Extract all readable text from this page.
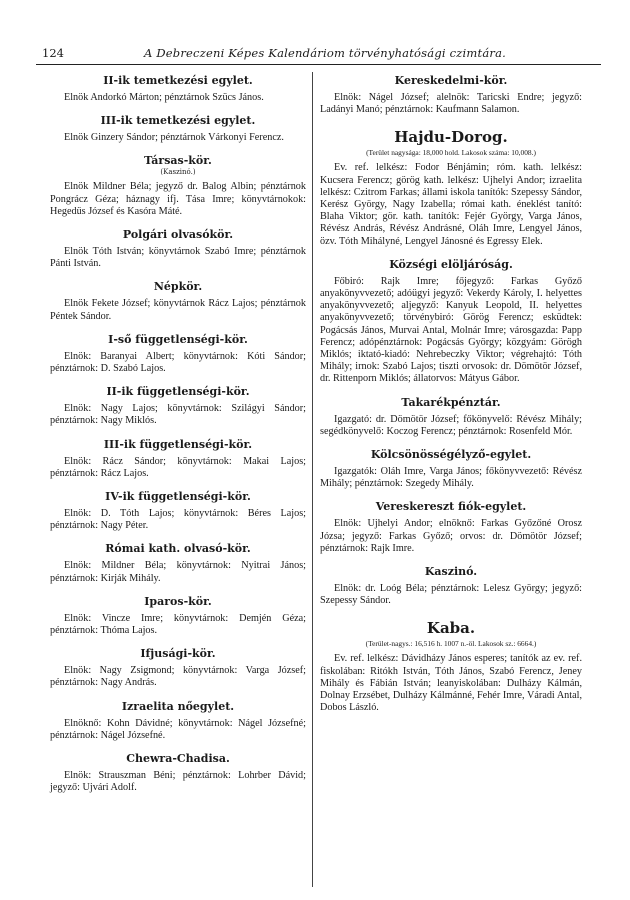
124	A Debreczeni Képes Kalendáriom törvényhatósági czimtára.

II-ik temetkezési egylet.

Elnök Andorkó Márton; pénztárnok Szücs János.

III-ik temetkezési egylet.

Elnök Ginzery Sándor; pénztárnok Várkonyi Ferencz.

Társas-kör.

(Kaszinó.)

Elnök Mildner Béla; jegyző dr. Balog Albin; pénztárnok Pongrácz Géza; háznagy ifj. Tása Imre; könyvtárnokok: Hegedüs József és Kasóra Máté.

Polgári olvasókör.

Elnök Tóth István; könyvtárnok Szabó Imre; pénztárnok Pánti István.

Népkör.

Elnök Fekete József; könyvtárnok Rácz Lajos; pénztárnok Péntek Sándor.

I-ső függetlenségi-kör.

Elnök: Baranyai Albert; könyvtárnok: Kóti Sándor; pénztárnok: D. Szabó Lajos.

II-ik függetlenségi-kör.

Elnök: Nagy Lajos; könyvtárnok: Szilágyi Sándor; pénztárnok: Nagy Miklós.

III-ik függetlenségi-kör.

Elnök: Rácz Sándor; könyvtárnok: Makai Lajos; pénztárnok: Rácz Lajos.

IV-ik függetlenségi-kör.

Elnök: D. Tóth Lajos; könyvtárnok: Béres Lajos; pénztárnok: Nagy Péter.

Római kath. olvasó-kör.

Elnök: Mildner Béla; könyvtárnok: Nyitrai János; pénztárnok: Kirják Mihály.

Iparos-kör.

Elnök: Vincze Imre; könyvtárnok: Demjén Géza; pénztárnok: Thóma Lajos.

Ifjusági-kör.

Elnök: Nagy Zsigmond; könyvtárnok: Varga József; pénztárnok: Nagy András.

Izraelita nőegylet.

Elnöknő: Kohn Dávidné; könyvtárnok: Nágel Józsefné; pénztárnok: Nágel Józsefné.

Chewra-Chadisa.

Elnök: Strauszman Béni; pénztárnok: Lohrber Dávid; jegyző: Ujvári Adolf.

Kereskedelmi-kör.

Elnök: Nágel József; alelnök: Taricski Endre; jegyző: Ladányi Manó; pénztárnok: Kaufmann Salamon.

Hajdu-Dorog.

(Terület nagysága: 18,000 hold. Lakosok száma: 10,008.)

Ev. ref. lelkész: Fodor Bénjámin; róm. kath. lelkész: Kucsera Ferencz; görög kath. lelkész: Ujhelyi Andor; izraelita lelkész: Czitrom Farkas; állami iskola tanítók: Szepessy Sándor, Kerész György, Nagy Izabella; római kath. éneklést tanító: Blaha Viktor; gör. kath. tanítók: Fejér György, Varga János, Révész András, Révész Andrásné, Oláh Imre, Lengyel János, özv. Tóth Mihályné, Lengyel Jánosné és Egressy Elek.

Községi elöljáróság.

Főbiró: Rajk Imre; főjegyző: Farkas Győző anyakönyvvezető; adóügyi jegyző: Vekerdy Károly, I. helyettes anyakönyvvezető; aljegyző: Kanyuk Leopold, II. helyettes anyakönyvvezető; törvénybiró: Görög Ferencz; esküdtek: Pogácsás János, Murvai Antal, Molnár Imre; városgazda: Papp Ferencz; adópénztárnok: Pogácsás György; közgyám: Görögh Miklós; iktató-kiadó: Nehrebeczky Viktor; végrehajtó: Tóth Mihály; irnok: Szabó Lajos; tiszti orvosok: dr. Dömötör József, dr. Rittenporn Miklós; állatorvos: Mátyus Gábor.

Takarékpénztár.

Igazgató: dr. Dömötör József; főkönyvelő: Révész Mihály; segédkönyvelő: Koczog Ferencz; pénztárnok: Rosenfeld Mór.

Kölcsönösségélyző-egylet.

Igazgatók: Oláh Imre, Varga János; főkönyvvezető: Révész Mihály; pénztárnok: Szegedy Mihály.

Vereskereszt fiók-egylet.

Elnök: Ujhelyi Andor; elnöknő: Farkas Győzőné Orosz Józsa; jegyző: Farkas Győző; orvos: dr. Dömötör József; pénztárnok: Rajk Imre.

Kaszinó.

Elnök: dr. Loóg Béla; pénztárnok: Lelesz György; jegyző: Szepessy Sándor.

Kaba.

(Terület-nagys.: 16,516 h. 1007 n.-öl. Lakosok sz.: 6664.)

Ev. ref. lelkész: Dávidházy János esperes; tanítók az ev. ref. fiskolában: Ritókh István, Tóth János, Szabó Ferencz, Jeney Mihály és Fábián István; leanyiskolában: Dulházy Kálmán, Dolnay Erzsébet, Dulházy Kálmánné, Fehér Imre, Váradi Antal, Dobos László.
